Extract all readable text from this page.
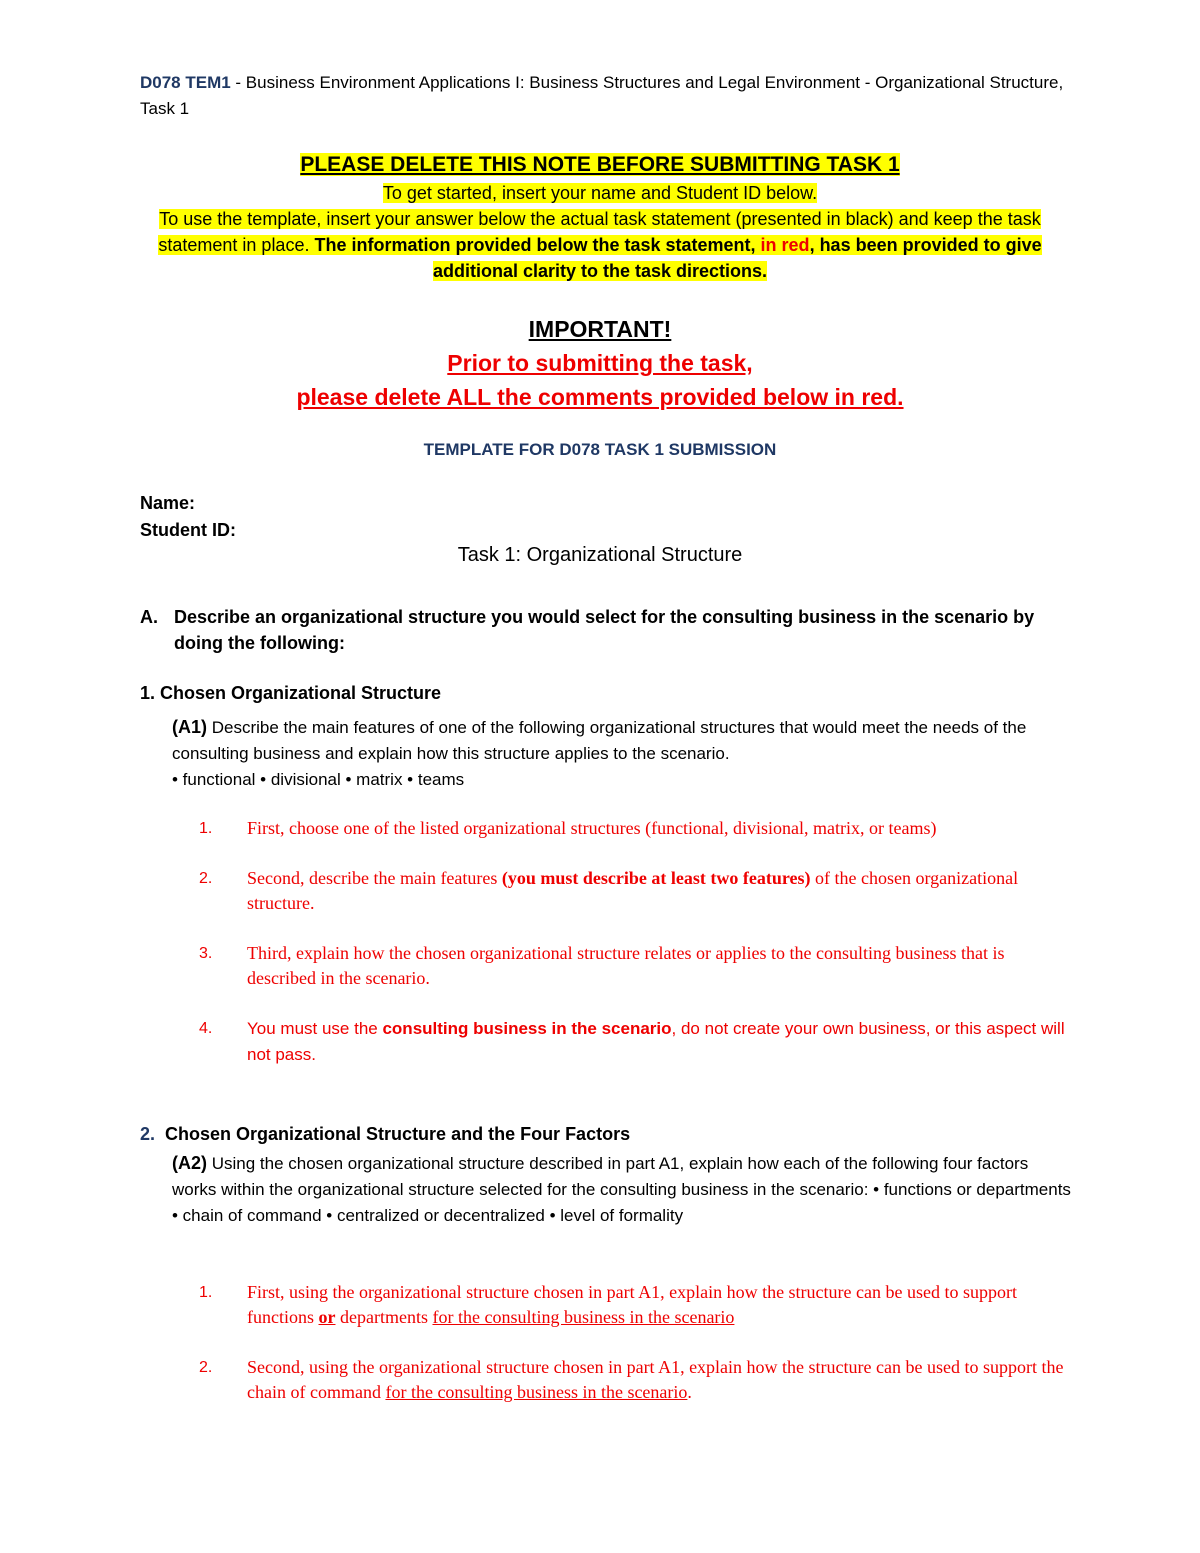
D078 TEM1 - Business Environment Applications I: Business Structures and Legal Environment - Organizational Structure, Task 1
PLEASE DELETE THIS NOTE BEFORE SUBMITTING TASK 1
To get started, insert your name and Student ID below.
To use the template, insert your answer below the actual task statement (presented in black) and keep the task statement in place. The information provided below the task statement, in red, has been provided to give additional clarity to the task directions.
IMPORTANT!
Prior to submitting the task,
please delete ALL the comments provided below in red.
TEMPLATE FOR D078 TASK 1 SUBMISSION
Name:
Student ID:
Task 1: Organizational Structure
A. Describe an organizational structure you would select for the consulting business in the scenario by doing the following:
1. Chosen Organizational Structure
(A1) Describe the main features of one of the following organizational structures that would meet the needs of the consulting business and explain how this structure applies to the scenario.
• functional • divisional • matrix • teams
1.	First, choose one of the listed organizational structures (functional, divisional, matrix, or teams)
2.	Second, describe the main features (you must describe at least two features) of the chosen organizational structure.
3.	Third, explain how the chosen organizational structure relates or applies to the consulting business that is described in the scenario.
4.	You must use the consulting business in the scenario, do not create your own business, or this aspect will not pass.
2. Chosen Organizational Structure and the Four Factors
(A2) Using the chosen organizational structure described in part A1, explain how each of the following four factors works within the organizational structure selected for the consulting business in the scenario: • functions or departments • chain of command • centralized or decentralized • level of formality
1.	First, using the organizational structure chosen in part A1, explain how the structure can be used to support functions or departments for the consulting business in the scenario
2.	Second, using the organizational structure chosen in part A1, explain how the structure can be used to support the chain of command for the consulting business in the scenario.
